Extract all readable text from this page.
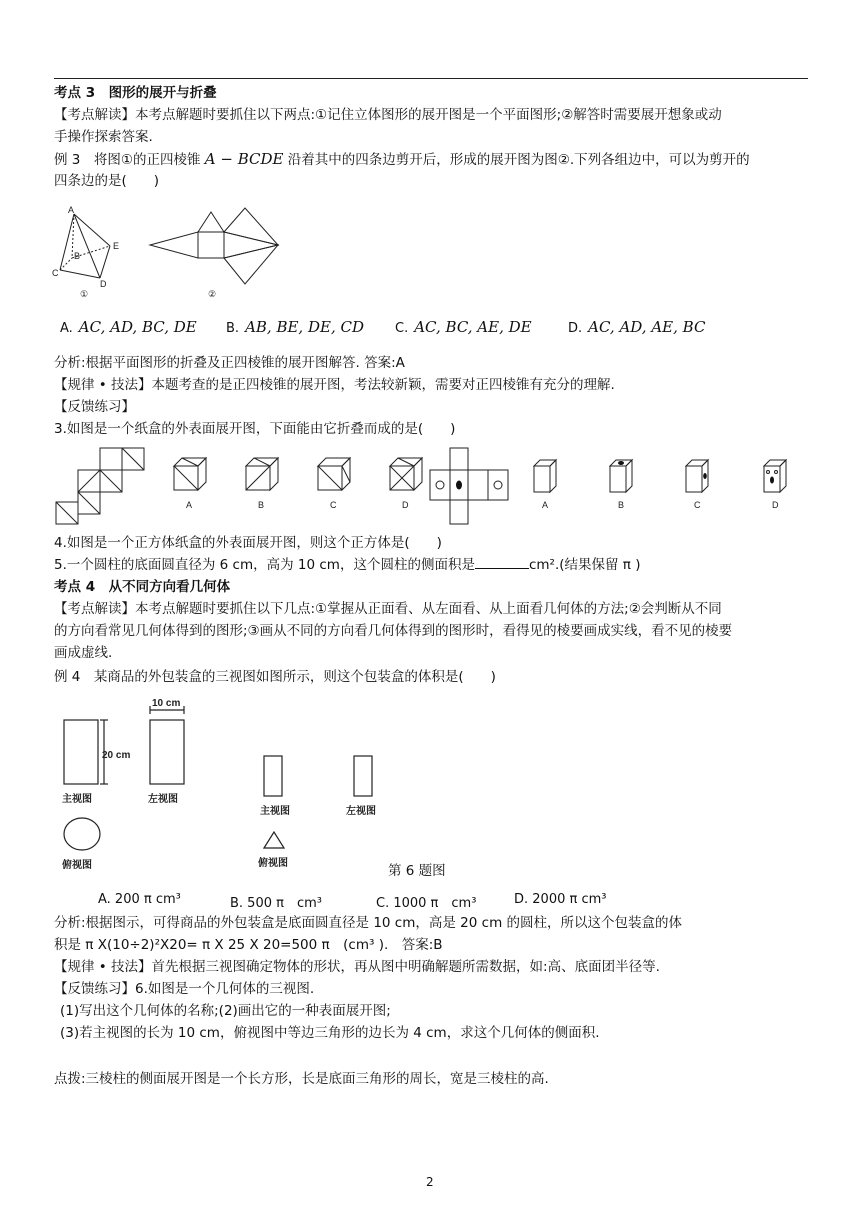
考点 3　图形的展开与折叠
【考点解读】本考点解题时要抓住以下两点:①记住立体图形的展开图是一个平面图形;②解答时需要展开想象或动
手操作探索答案.
例 3　将图①的正四棱锥 A − BCDE 沿着其中的四条边剪开后，形成的展开图为图②.下列各组边中，可以为剪开的
四条边的是(　　)
A
B
C
D
E
①	②
A. AC, AD, BC, DE B. AB, BE, DE, CD C. AC, BC, AE, DE	D. AC, AD, AE, BC
分析:根据平面图形的折叠及正四棱锥的展开图解答. 答案:A
【规律 • 技法】本题考查的是正四棱锥的展开图，考法较新颖，需要对正四棱锥有充分的理解.
【反馈练习】
3.如图是一个纸盒的外表面展开图，下面能由它折叠而成的是(　　)
A	B	C	D	A	B	C	D
4.如图是一个正方体纸盒的外表面展开图，则这个正方体是(　　)
5.一个圆柱的底面圆直径为 6 cm，高为 10 cm，这个圆柱的侧面积是	cm².(结果保留 π )
考点 4　从不同方向看几何体
【考点解读】本考点解题时要抓住以下几点:①掌握从正面看、从左面看、从上面看几何体的方法;②会判断从不同
的方向看常见几何体得到的图形;③画从不同的方向看几何体得到的图形时，看得见的棱要画成实线，看不见的棱要
画成虚线.
例 4　某商品的外包装盒的三视图如图所示，则这个包装盒的体积是(　　)
10 cm
20 cm
主视图	左视图
俯视图
主视图	左视图
俯视图	第 6 题图
A. 200 π cm³	B. 500 π　cm³	C. 1000 π　cm³	D. 2000 π cm³
分析:根据图示，可得商品的外包装盒是底面圆直径是 10 cm，高是 20 cm 的圆柱，所以这个包装盒的体
积是 π X(10÷2)²X20= π X 25 X 20=500 π　(cm³ ).　答案:B
【规律 • 技法】首先根据三视图确定物体的形状，再从图中明确解题所需数据，如:高、底面团半径等.
【反馈练习】6.如图是一个几何体的三视图.
(1)写出这个几何体的名称;(2)画出它的一种表面展开图;
(3)若主视图的长为 10 cm，俯视图中等边三角形的边长为 4 cm，求这个几何体的侧面积.
点拨:三棱柱的侧面展开图是一个长方形，长是底面三角形的周长，宽是三棱柱的高.
2
